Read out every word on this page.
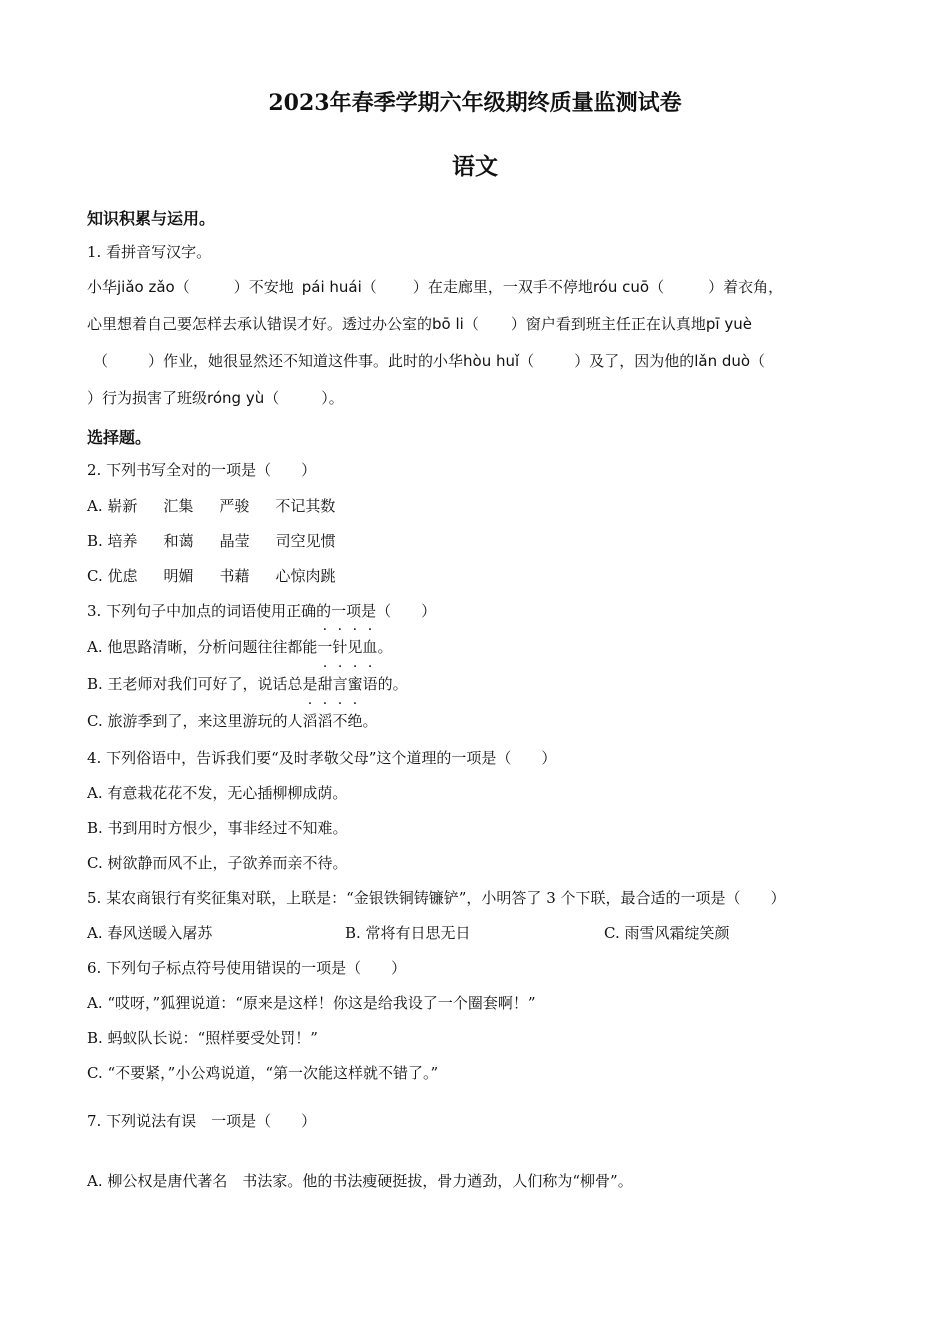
2023年春季学期六年级期终质量监测试卷
语文
知识积累与运用。
1. 看拼音写汉字。
小华jiǎo zǎo（	）不安地 pái huái（ ）在走廊里，一双手不停地róu cuō（	）着衣角，
心里想着自己要怎样去承认错误才好。透过办公室的bō li（ ）窗户看到班主任正在认真地pī yuè
（	）作业，她很显然还不知道这件事。此时的小华hòu huǐ（	）及了，因为他的lǎn duò（
）行为损害了班级róng yù（	）。
选择题。
2. 下列书写全对的一项是（　　）
A. 崭新 汇集 严骏 不记其数
B. 培养 和蔼 晶莹 司空见惯
C. 优虑 明媚 书藉 心惊肉跳
3. 下列句子中加点的词语使用正确的一项是（　　）
A. 他思路清晰，分析问题往往都能一针见血。
B. 王老师对我们可好了，说话总是甜言蜜语的。
C. 旅游季到了，来这里游玩的人滔滔不绝。
4. 下列俗语中，告诉我们要“及时孝敬父母”这个道理的一项是（　　）
A. 有意栽花花不发，无心插柳柳成荫。
B. 书到用时方恨少，事非经过不知难。
C. 树欲静而风不止，子欲养而亲不待。
5. 某农商银行有奖征集对联，上联是：“金银铁铜铸镰铲”，小明答了 3 个下联，最合适的一项是（　　）
A. 春风送暖入屠苏	B. 常将有日思无日	C. 雨雪风霜绽笑颜
6. 下列句子标点符号使用错误的一项是（　　）
A. “哎呀，”狐狸说道：“原来是这样！你这是给我设了一个圈套啊！”
B. 蚂蚁队长说：“照样要受处罚！”
C. “不要紧，”小公鸡说道，“第一次能这样就不错了。”
7. 下列说法有误　一项是（　　）
A. 柳公权是唐代著名　书法家。他的书法瘦硬挺拔，骨力遒劲，人们称为“柳骨”。
